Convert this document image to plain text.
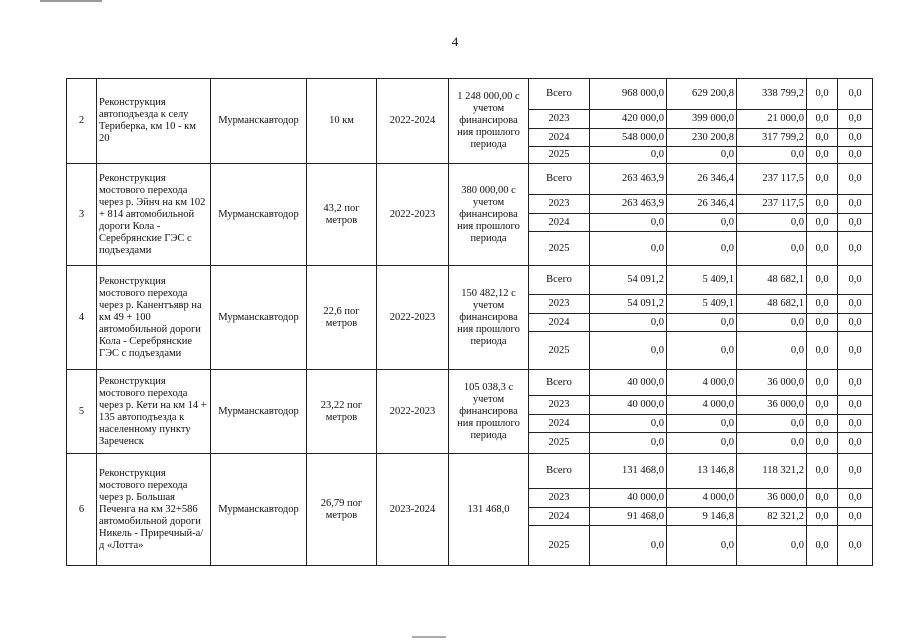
4
2	Реконструкция автоподъезда к селу Териберка, км 10 - км 20	Мурманскавтодор	10 км	2022-2024	1 248 000,00 с учетом финансирова ния прошлого периода	Всего	968 000,0	629 200,8	338 799,2	0,0	0,0
						2023	420 000,0	399 000,0	21 000,0	0,0	0,0
						2024	548 000,0	230 200,8	317 799,2	0,0	0,0
						2025	0,0	0,0	0,0	0,0	0,0
3	Реконструкция мостового перехода через р. Эйнч на км 102 + 814 автомобильной дороги Кола - Серебрянские ГЭС с подъездами	Мурманскавтодор	43,2 пог метров	2022-2023	380 000,00 с учетом финансирова ния прошлого периода	Всего	263 463,9	26 346,4	237 117,5	0,0	0,0
						2023	263 463,9	26 346,4	237 117,5	0,0	0,0
						2024	0,0	0,0	0,0	0,0	0,0
						2025	0,0	0,0	0,0	0,0	0,0
4	Реконструкция мостового перехода через р. Канентъявр на км 49 + 100 автомобильной дороги Кола - Серебрянские ГЭС с подъездами	Мурманскавтодор	22,6 пог метров	2022-2023	150 482,12 с учетом финансирова ния прошлого периода	Всего	54 091,2	5 409,1	48 682,1	0,0	0,0
						2023	54 091,2	5 409,1	48 682,1	0,0	0,0
						2024	0,0	0,0	0,0	0,0	0,0
						2025	0,0	0,0	0,0	0,0	0,0
5	Реконструкция мостового перехода через р. Кети на км 14 + 135 автоподъезда к населенному пункту Зареченск	Мурманскавтодор	23,22 пог метров	2022-2023	105 038,3 с учетом финансирова ния прошлого периода	Всего	40 000,0	4 000,0	36 000,0	0,0	0,0
						2023	40 000,0	4 000,0	36 000,0	0,0	0,0
						2024	0,0	0,0	0,0	0,0	0,0
						2025	0,0	0,0	0,0	0,0	0,0
6	Реконструкция мостового перехода через р. Большая Печенга на км 32+586 автомобильной дороги Никель - Приречный-а/д «Лотта»	Мурманскавтодор	26,79 пог метров	2023-2024	131 468,0	Всего	131 468,0	13 146,8	118 321,2	0,0	0,0
						2023	40 000,0	4 000,0	36 000,0	0,0	0,0
						2024	91 468,0	9 146,8	82 321,2	0,0	0,0
						2025	0,0	0,0	0,0	0,0	0,0
